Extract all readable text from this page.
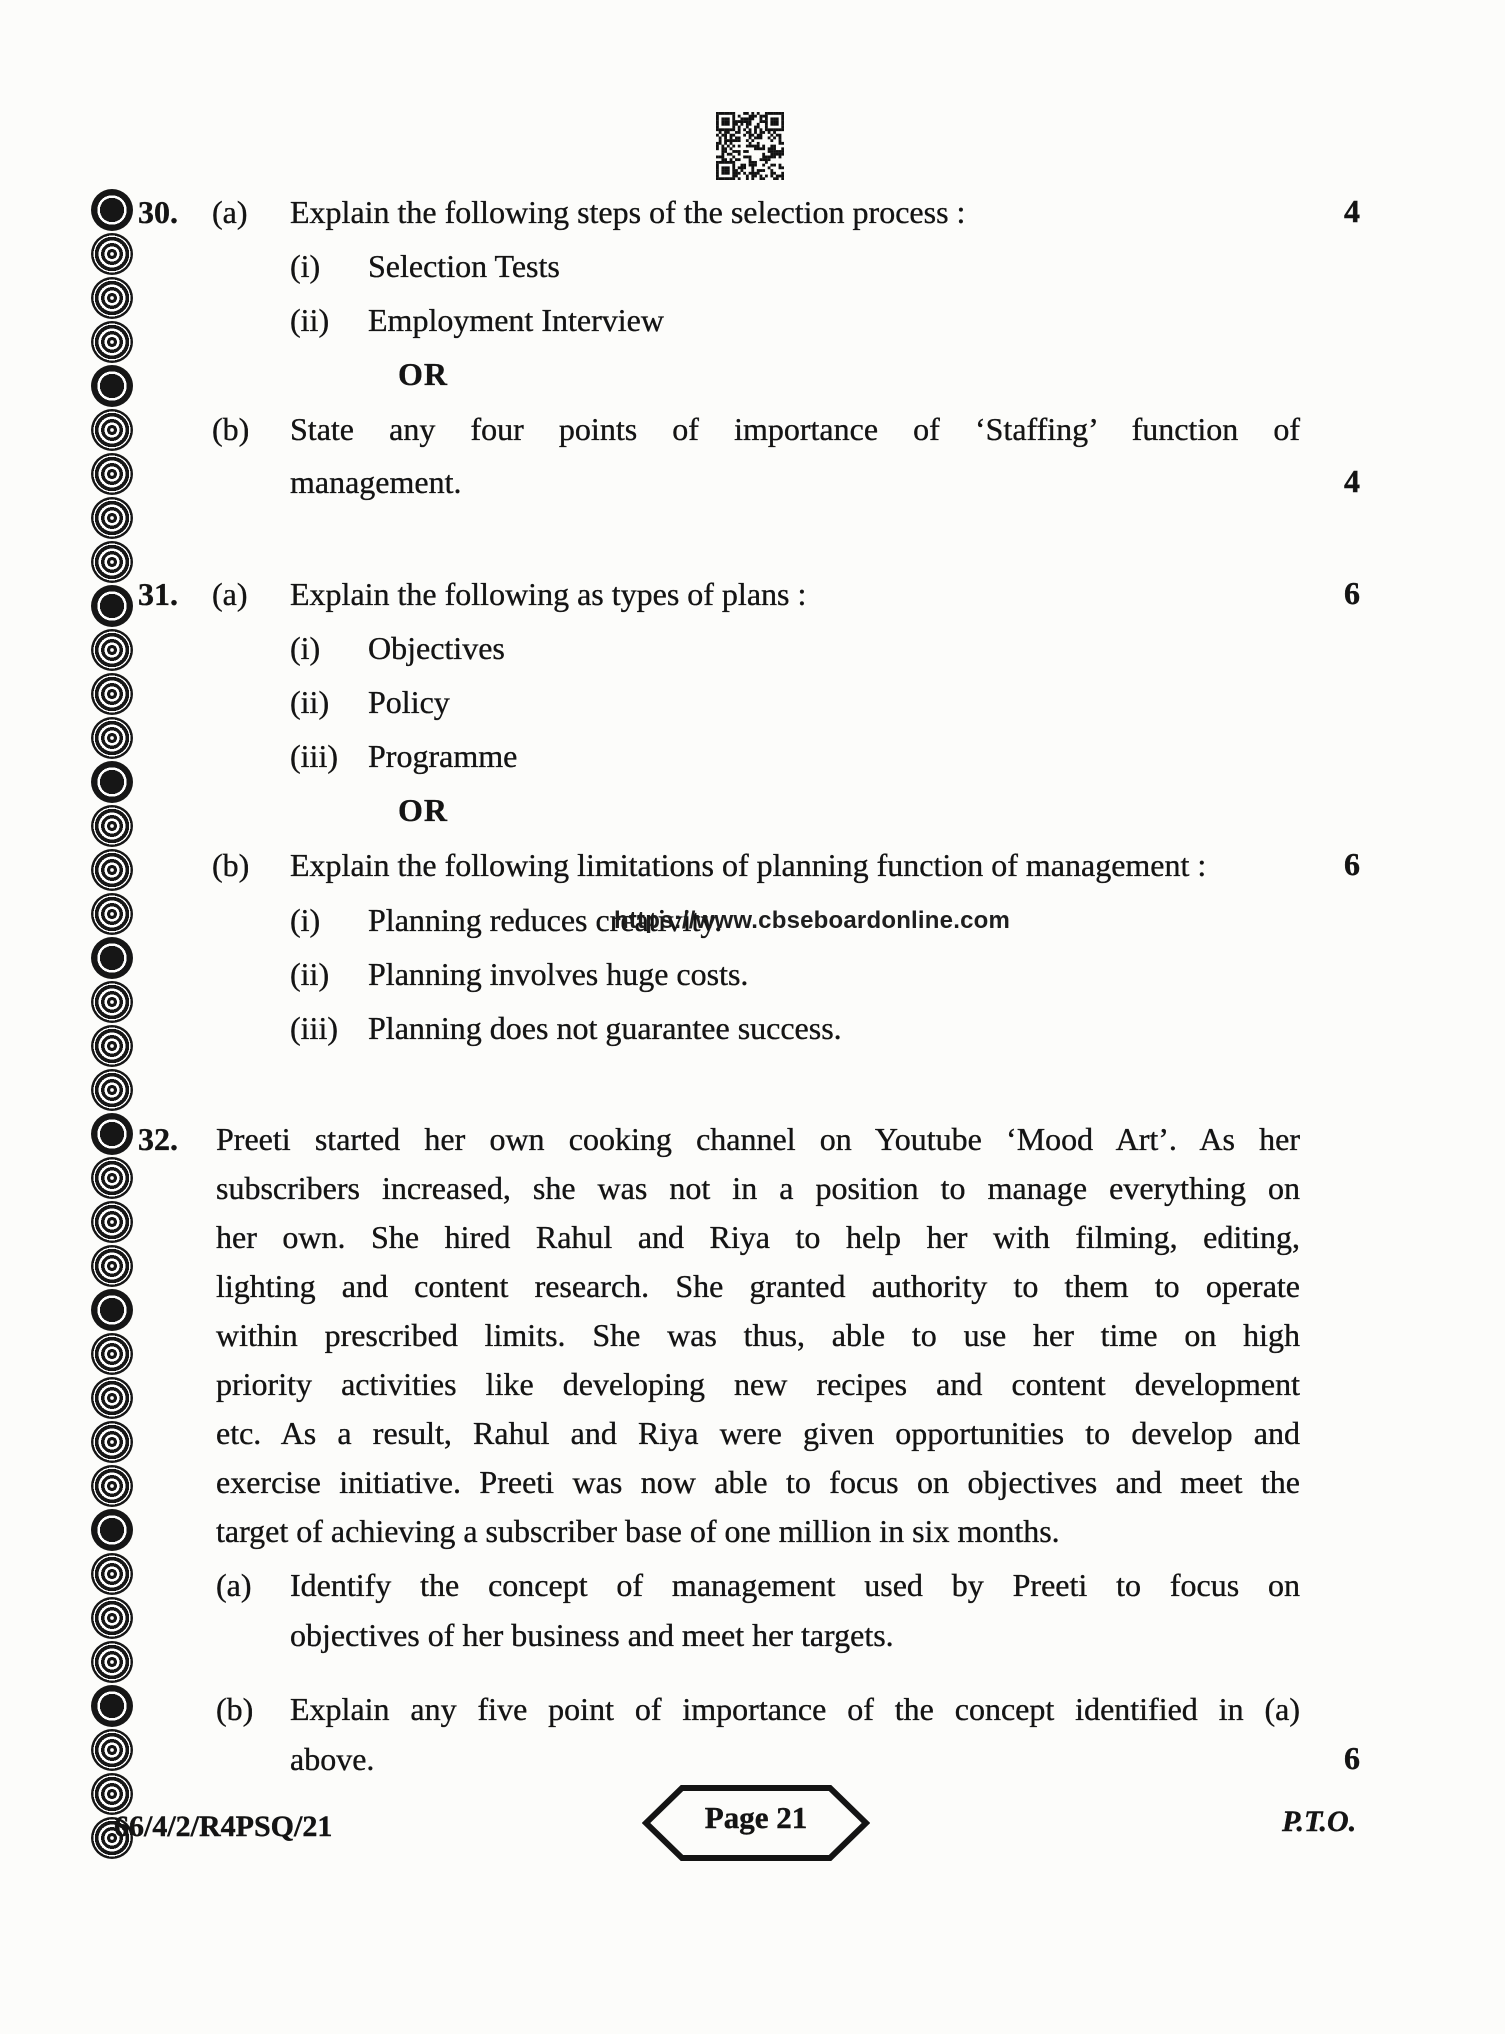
30. (a) Explain the following steps of the selection process :	4
(i) Selection Tests
(ii) Employment Interview
OR
(b) State any four points of importance of ‘Staffing’ function of
management.	4
31. (a) Explain the following as types of plans :	6
(i) Objectives
(ii) Policy
(iii) Programme
OR
(b) Explain the following limitations of planning function of management :	6
(i) Planning reduces creativity.
https://www.cbseboardonline.com
(ii) Planning involves huge costs.
(iii) Planning does not guarantee success.
32. Preeti started her own cooking channel on Youtube ‘Mood Art’. As her
subscribers increased, she was not in a position to manage everything on
her own. She hired Rahul and Riya to help her with filming, editing,
lighting and content research. She granted authority to them to operate
within prescribed limits. She was thus, able to use her time on high
priority activities like developing new recipes and content development
etc. As a result, Rahul and Riya were given opportunities to develop and
exercise initiative. Preeti was now able to focus on objectives and meet the
target of achieving a subscriber base of one million in six months.
(a) Identify the concept of management used by Preeti to focus on
objectives of her business and meet her targets.
(b) Explain any five point of importance of the concept identified in (a)
above.	6
66/4/2/R4PSQ/21	Page 21	P.T.O.
